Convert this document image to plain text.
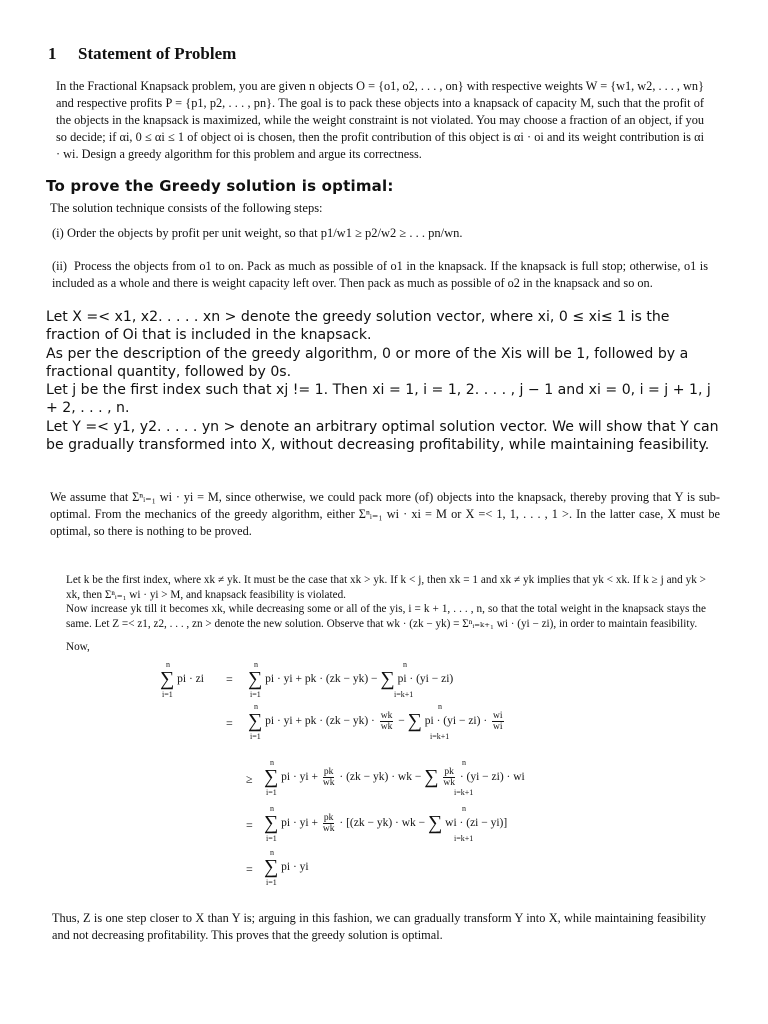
1 Statement of Problem
In the Fractional Knapsack problem, you are given n objects O = {o1, o2, . . . , on} with respective weights W = {w1, w2, . . . , wn} and respective profits P = {p1, p2, . . . , pn}. The goal is to pack these objects into a knapsack of capacity M, such that the profit of the objects in the knapsack is maximized, while the weight constraint is not violated. You may choose a fraction of an object, if you so decide; if αi, 0 ≤ αi ≤ 1 of object oi is chosen, then the profit contribution of this object is αi · oi and its weight contribution is αi · wi. Design a greedy algorithm for this problem and argue its correctness.
To prove the Greedy solution is optimal:
The solution technique consists of the following steps:
(i) Order the objects by profit per unit weight, so that p1/w1 ≥ p2/w2 ≥ . . . pn/wn.
(ii) Process the objects from o1 to on. Pack as much as possible of o1 in the knapsack. If the knapsack is full stop; otherwise, o1 is included as a whole and there is weight capacity left over. Then pack as much as possible of o2 in the knapsack and so on.

Let X =< x1, x2. . . . . xn > denote the greedy solution vector, where xi, 0 ≤ xi≤ 1 is the fraction of Oi that is included in the knapsack.

As per the description of the greedy algorithm, 0 or more of the Xis will be 1, followed by a fractional quantity, followed by 0s.

Let j be the first index such that xj != 1. Then xi = 1, i = 1, 2. . . . , j − 1 and xi = 0, i = j + 1, j + 2, . . . , n.

Let Y =< y1, y2. . . . . yn > denote an arbitrary optimal solution vector. We will show that Y can be gradually transformed into X, without decreasing profitability, while maintaining feasibility.

We assume that Σⁿᵢ₌₁ wi · yi = M, since otherwise, we could pack more (of) objects into the knapsack, thereby proving that Y is sub-optimal. From the mechanics of the greedy algorithm, either Σⁿᵢ₌₁ wi · xi = M or X =< 1, 1, . . . , 1 >. In the latter case, X must be optimal, so there is nothing to be proved.
Let k be the first index, where xk ≠ yk. It must be the case that xk > yk. If k < j, then xk = 1 and xk ≠ yk implies that yk < xk. If k ≥ j and yk > xk, then Σⁿᵢ₌₁ wi · yi > M, and knapsack feasibility is violated.
Now increase yk till it becomes xk, while decreasing some or all of the yis, i = k + 1, . . . , n, so that the total weight in the knapsack stays the same. Let Z =< z1, z2, . . . , zn > denote the new solution. Observe that wk · (zk − yk) = Σⁿᵢ₌ₖ₊₁ wi · (yi − zi), in order to maintain feasibility.
Now,
∑ pi · zi
n
i=1
= ∑ pi · yi + pk · (zk − yk) − ∑ pi · (yi − zi)
n
i=1
n
i=k+1
= ∑ pi · yi + pk · $(zk - yk) \cdot \frac{wk}{wk}$ − ∑ pi · $(yi - zi) \cdot \frac{wi}{wi}$
n
i=1
n
i=k+1
≥ ∑ pi · yi + $\frac{pk}{wk} \cdot (zk - yk)$ · wk − ∑ $\frac{pk}{wk} \cdot (yi - zi)$ · wi
n
i=1
n
i=k+1
= ∑ pi · yi + $\frac{pk}{wk} \cdot [(zk - yk)$ · wk − ∑ wi · (zi − yi)]
n
i=1
n
i=k+1
= ∑ pi · yi
n
i=1
Thus, Z is one step closer to X than Y is; arguing in this fashion, we can gradually transform Y into X, while maintaining feasibility and not decreasing profitability. This proves that the greedy solution is optimal.
